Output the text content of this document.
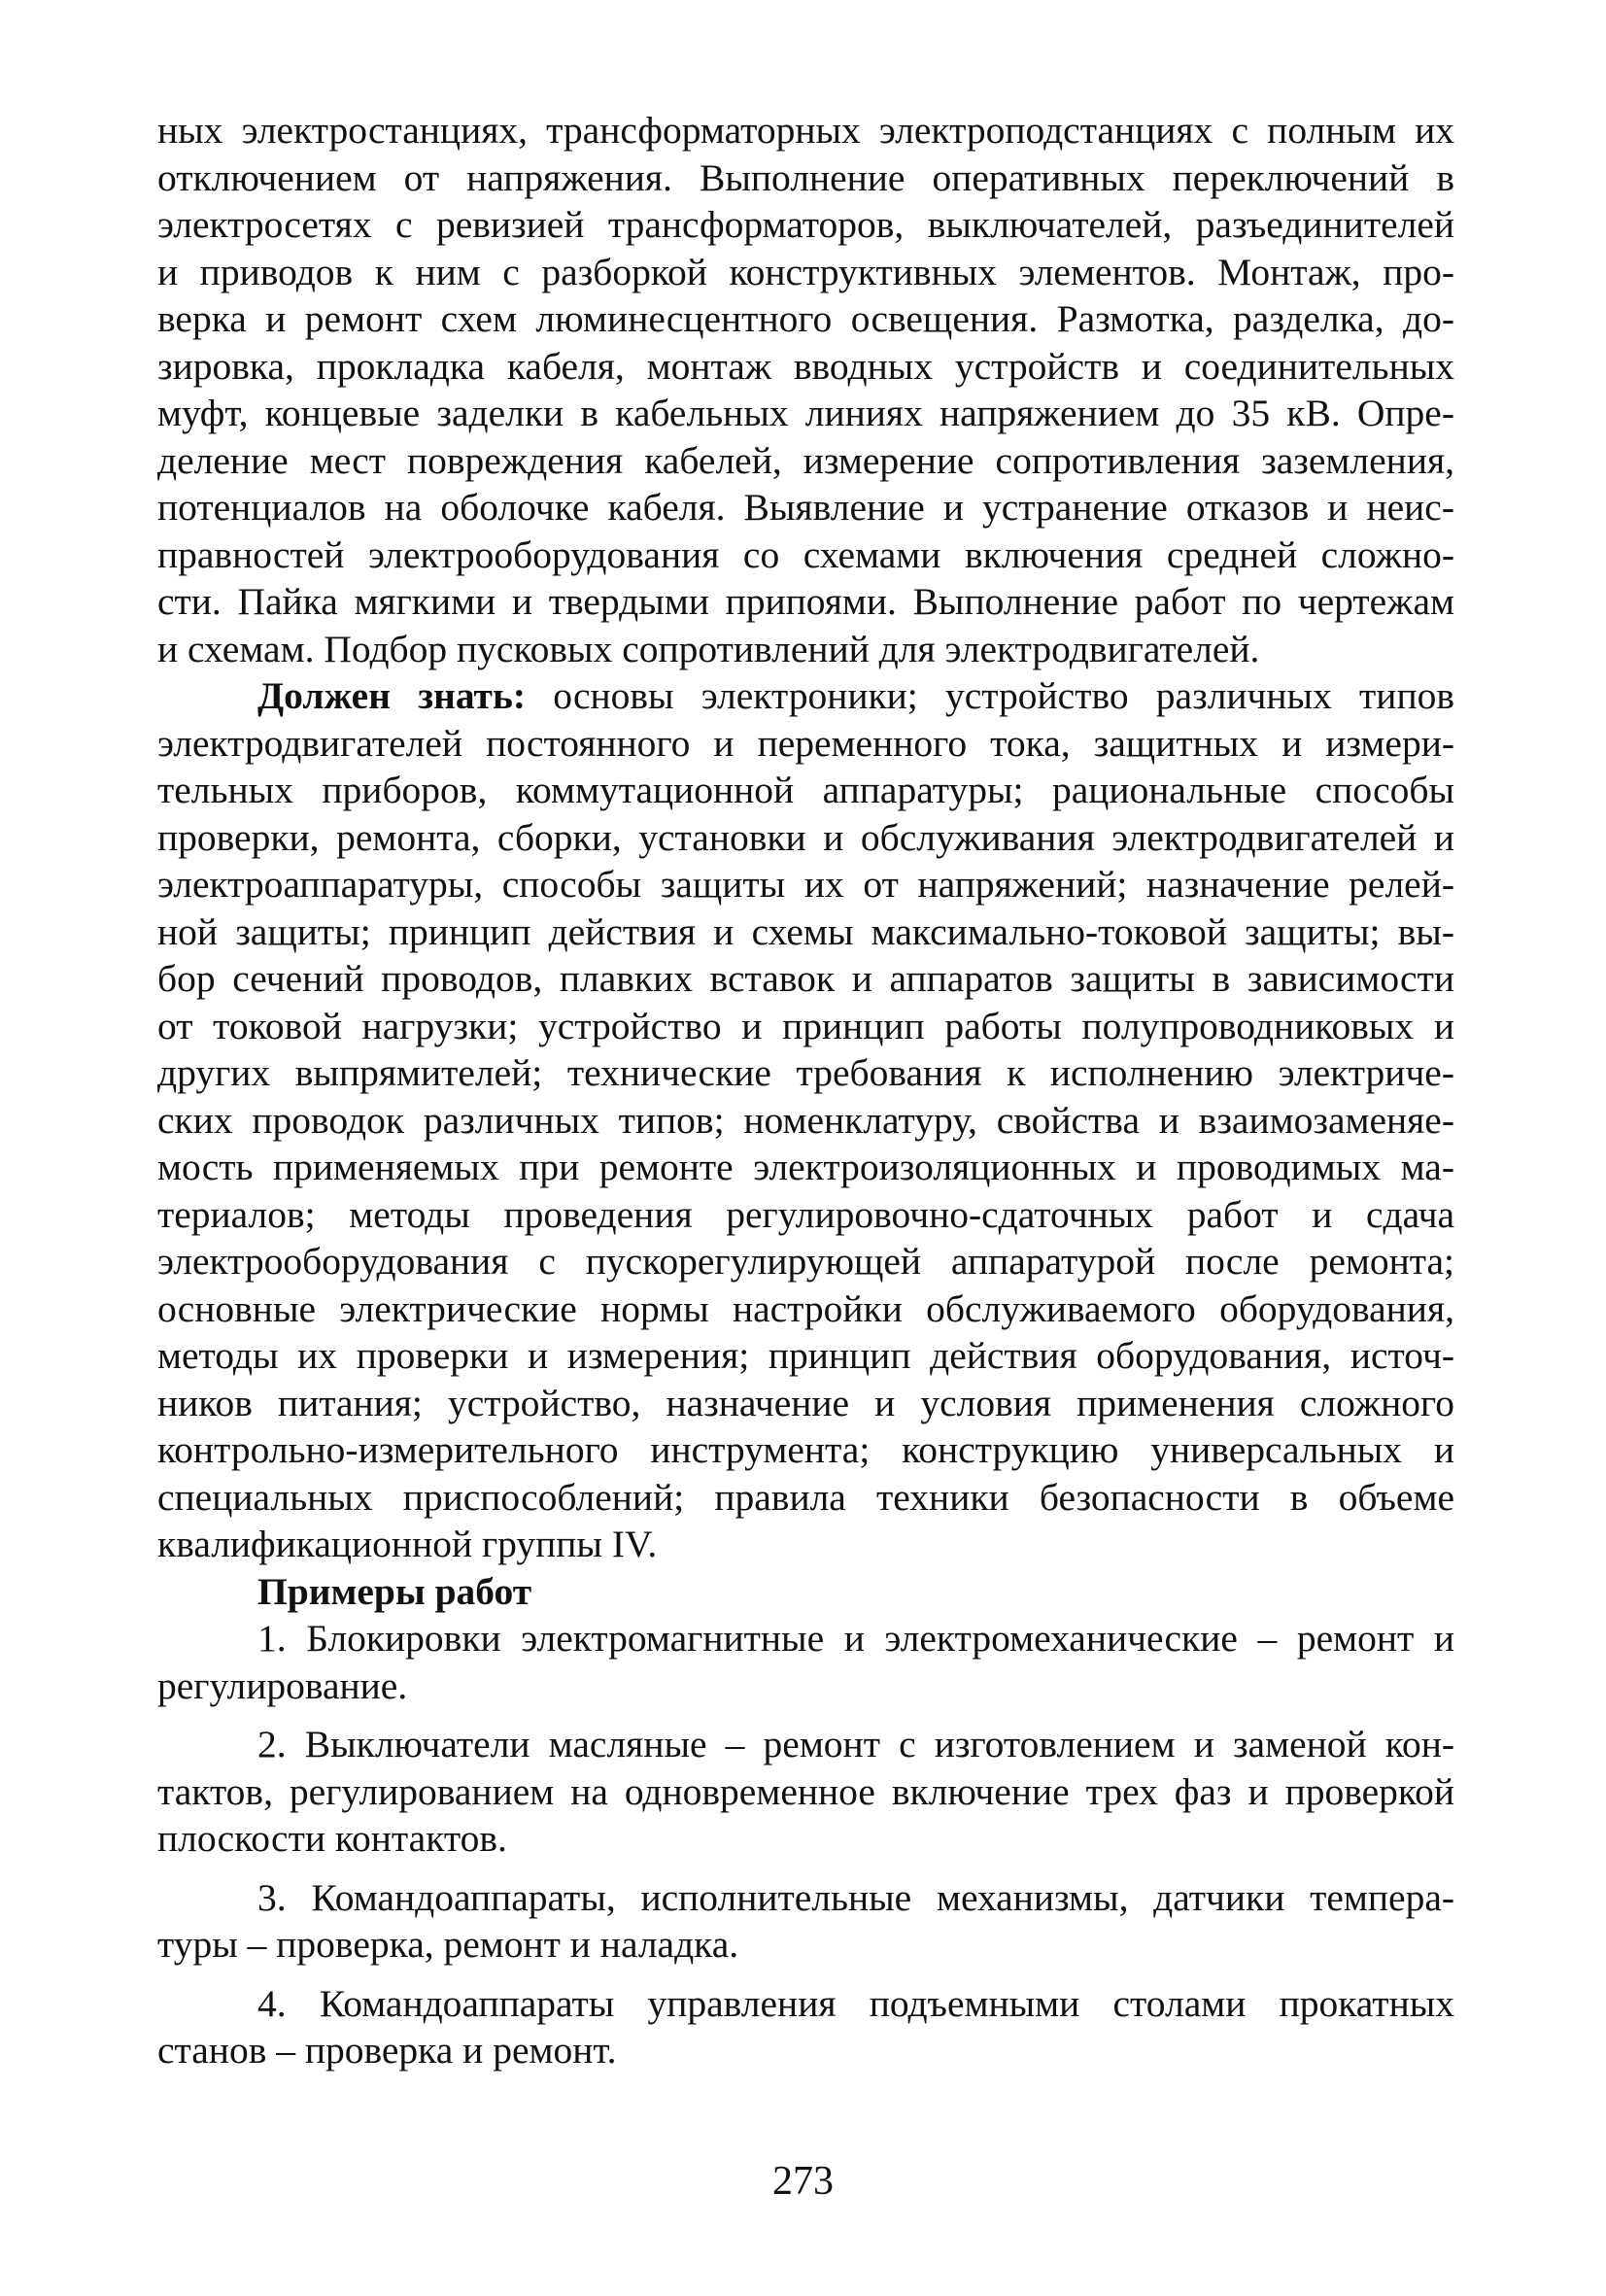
ных электростанциях, трансформаторных электроподстанциях с полным их
отключением от напряжения. Выполнение оперативных переключений в
электросетях с ревизией трансформаторов, выключателей, разъединителей
и приводов к ним с разборкой конструктивных элементов. Монтаж, про-
верка и ремонт схем люминесцентного освещения. Размотка, разделка, до-
зировка, прокладка кабеля, монтаж вводных устройств и соединительных
муфт, концевые заделки в кабельных линиях напряжением до 35 кВ. Опре-
деление мест повреждения кабелей, измерение сопротивления заземления,
потенциалов на оболочке кабеля. Выявление и устранение отказов и неис-
правностей электрооборудования со схемами включения средней сложно-
сти. Пайка мягкими и твердыми припоями. Выполнение работ по чертежам
и схемам. Подбор пусковых сопротивлений для электродвигателей.
Должен знать: основы электроники; устройство различных типов
электродвигателей постоянного и переменного тока, защитных и измери-
тельных приборов, коммутационной аппаратуры; рациональные способы
проверки, ремонта, сборки, установки и обслуживания электродвигателей и
электроаппаратуры, способы защиты их от напряжений; назначение релей-
ной защиты; принцип действия и схемы максимально-токовой защиты; вы-
бор сечений проводов, плавких вставок и аппаратов защиты в зависимости
от токовой нагрузки; устройство и принцип работы полупроводниковых и
других выпрямителей; технические требования к исполнению электриче-
ских проводок различных типов; номенклатуру, свойства и взаимозаменяе-
мость применяемых при ремонте электроизоляционных и проводимых ма-
териалов; методы проведения регулировочно-сдаточных работ и сдача
электрооборудования с пускорегулирующей аппаратурой после ремонта;
основные электрические нормы настройки обслуживаемого оборудования,
методы их проверки и измерения; принцип действия оборудования, источ-
ников питания; устройство, назначение и условия применения сложного
контрольно-измерительного инструмента; конструкцию универсальных и
специальных приспособлений; правила техники безопасности в объеме
квалификационной группы IV.
Примеры работ
1. Блокировки электромагнитные и электромеханические – ремонт и
регулирование.
2. Выключатели масляные – ремонт с изготовлением и заменой кон-
тактов, регулированием на одновременное включение трех фаз и проверкой
плоскости контактов.
3. Командоаппараты, исполнительные механизмы, датчики темпера-
туры – проверка, ремонт и наладка.
4. Командоаппараты управления подъемными столами прокатных
станов – проверка и ремонт.
273
